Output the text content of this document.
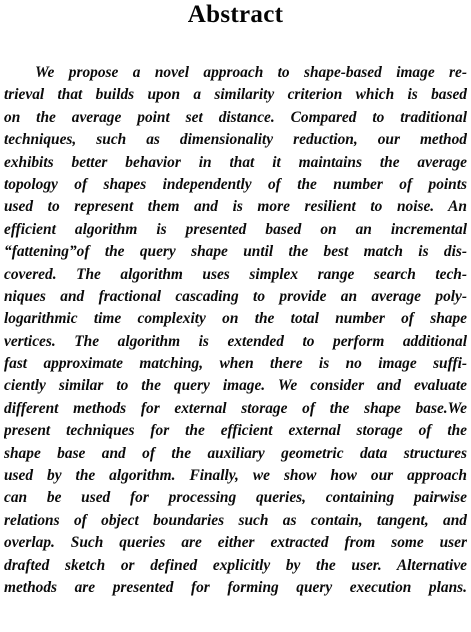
Abstract
We propose a novel approach to shape-based image re-
trieval that builds upon a similarity criterion which is based
on the average point set distance. Compared to traditional
techniques, such as dimensionality reduction, our method
exhibits better behavior in that it maintains the average
topology of shapes independently of the number of points
used to represent them and is more resilient to noise. An
efficient algorithm is presented based on an incremental
“fattening”of the query shape until the best match is dis-
covered. The algorithm uses simplex range search tech-
niques and fractional cascading to provide an average poly-
logarithmic time complexity on the total number of shape
vertices. The algorithm is extended to perform additional
fast approximate matching, when there is no image suffi-
ciently similar to the query image. We consider and evaluate
different methods for external storage of the shape base.We
present techniques for the efficient external storage of the
shape base and of the auxiliary geometric data structures
used by the algorithm. Finally, we show how our approach
can be used for processing queries, containing pairwise
relations of object boundaries such as contain, tangent, and
overlap. Such queries are either extracted from some user
drafted sketch or defined explicitly by the user. Alternative
methods are presented for forming query execution plans.
